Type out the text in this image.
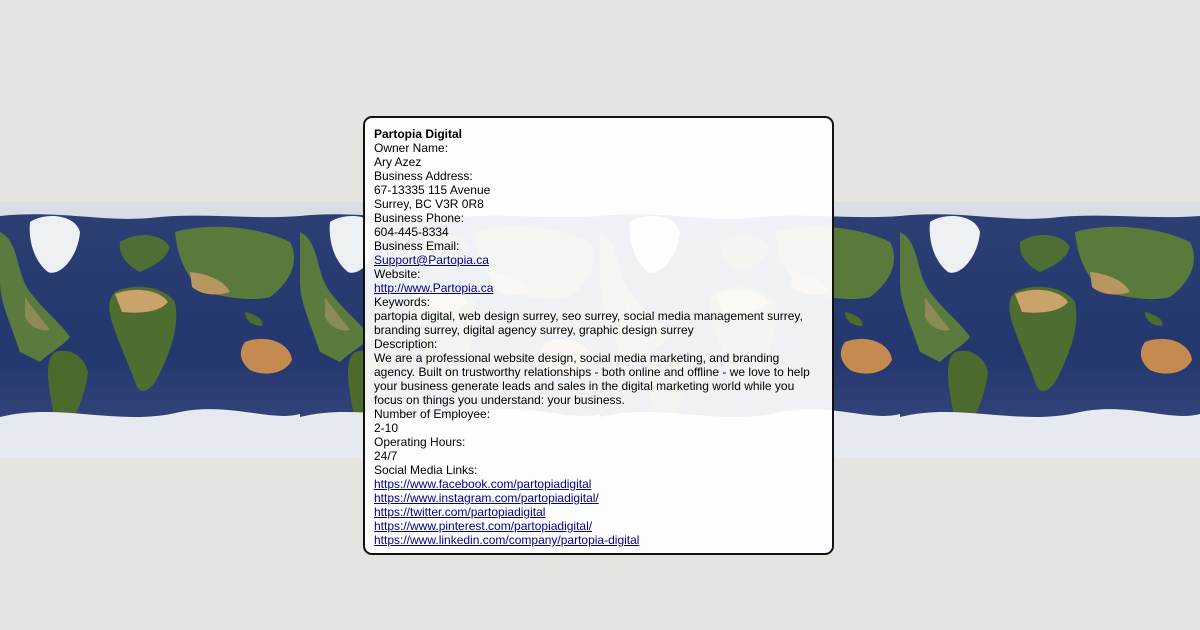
Partopia Digital
Owner Name:
Ary Azez
Business Address:
67-13335 115 Avenue
Surrey, BC V3R 0R8
Business Phone:
604-445-8334
Business Email:
Support@Partopia.ca
Website:
http://www.Partopia.ca
Keywords:
partopia digital, web design surrey, seo surrey, social media management surrey, branding surrey, digital agency surrey, graphic design surrey
Description:
We are a professional website design, social media marketing, and branding agency. Built on trustworthy relationships - both online and offline - we love to help your business generate leads and sales in the digital marketing world while you focus on things you understand: your business.
Number of Employee:
2-10
Operating Hours:
24/7
Social Media Links:
https://www.facebook.com/partopiadigital
https://www.instagram.com/partopiadigital/
https://twitter.com/partopiadigital
https://www.pinterest.com/partopiadigital/
https://www.linkedin.com/company/partopia-digital
